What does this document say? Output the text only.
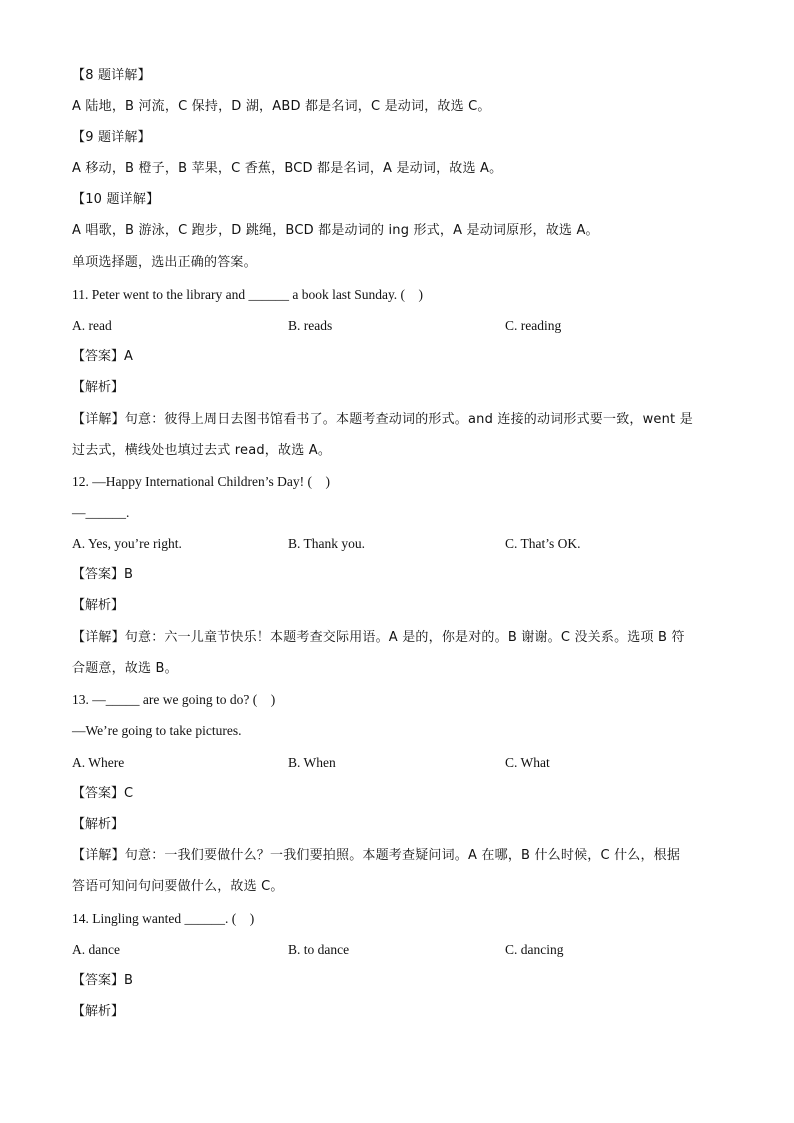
【8 题详解】
A 陆地，B 河流，C 保持，D 湖，ABD 都是名词，C 是动词，故选 C。
【9 题详解】
A 移动，B 橙子，B 苹果，C 香蕉，BCD 都是名词，A 是动词，故选 A。
【10 题详解】
A 唱歌，B 游泳，C 跑步，D 跳绳，BCD 都是动词的 ing 形式，A 是动词原形，故选 A。
单项选择题，选出正确的答案。
11. Peter went to the library and ______ a book last Sunday. (　)
A. read	B. reads	C. reading
【答案】A
【解析】
【详解】句意：彼得上周日去图书馆看书了。本题考查动词的形式。and 连接的动词形式要一致，went 是
过去式，横线处也填过去式 read，故选 A。
12. —Happy International Children’s Day! (　)
—______.
A. Yes, you’re right.	B. Thank you.	C. That’s OK.
【答案】B
【解析】
【详解】句意：六一儿童节快乐！本题考查交际用语。A 是的，你是对的。B 谢谢。C 没关系。选项 B 符
合题意，故选 B。
13. —_____ are we going to do? (　)
—We’re going to take pictures.
A. Where	B. When	C. What
【答案】C
【解析】
【详解】句意：一我们要做什么？一我们要拍照。本题考查疑问词。A 在哪，B 什么时候，C 什么，根据
答语可知问句问要做什么，故选 C。
14. Lingling wanted ______. (　)
A. dance	B. to dance	C. dancing
【答案】B
【解析】
